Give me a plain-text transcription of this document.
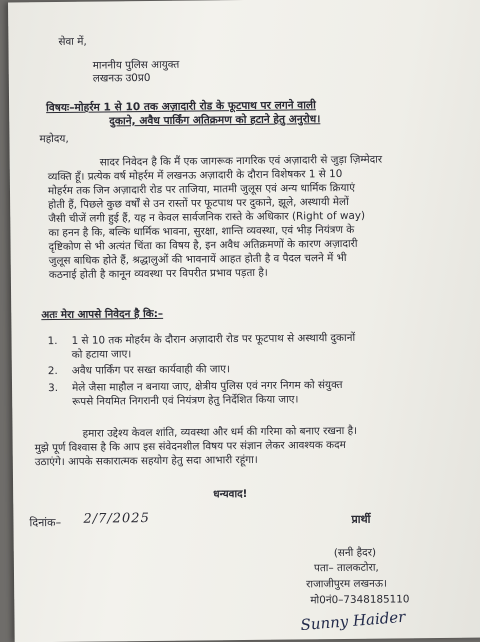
सेवा में,
माननीय पुलिस आयुक्त
लखनऊ उ0प्र0
विषयः–मोहर्रम 1 से 10 तक अज़ादारी रोड के फूटपाथ पर लगने वाली
दुकाने, अवैध पार्किंग अतिक्रमण को हटाने हेतु अनुरोध।
महोदय,
सादर निवेदन है कि मैं एक जागरूक नागरिक एवं अज़ादारी से जुड़ा ज़िम्मेदार
व्यक्ति हूँ। प्रत्येक वर्ष मोहर्रम में लखनऊ अज़ादारी के दौरान विशेषकर 1 से 10
मोहर्रम तक जिन अज़ादारी रोड पर ताजिया, मातमी जुलूस एवं अन्य धार्मिक क्रियाएं
होती हैं, पिछले कुछ वर्षों से उन रास्तों पर फूटपाथ पर दुकाने, झूले, अस्थायी मेलों
जैसी चीजें लगी हुई हैं, यह न केवल सार्वजनिक रास्ते के अधिकार (Right of way)
का हनन है कि, बल्कि धार्मिक भावना, सुरक्षा, शान्ति व्यवस्था, एवं भीड़ नियंत्रण के
दृष्टिकोण से भी अत्यंत चिंता का विषय है, इन अवैध अतिक्रमणों के कारण अज़ादारी
जुलूस बाधिक होते हैं, श्रद्धालुओं की भावनायें आहत होती है व पैदल चलने में भी
कठनाई होती है कानून व्यवस्था पर विपरीत प्रभाव पड़ता है।
अतः मेरा आपसे निवेदन है कि:–
1. 1 से 10 तक मोहर्रम के दौरान अज़ादारी रोड पर फूटपाथ से अस्थायी दुकानों
को हटाया जाए।
2. अवैध पार्किंग पर सख्त कार्यवाही की जाए।
3. मेले जैसा माहौल न बनाया जाए, क्षेत्रीय पुलिस एवं नगर निगम को संयुक्त
रूपसे नियमित निगरानी एवं नियंत्रण हेतु निर्देशित किया जाए।
हमारा उद्देश्य केवल शांति, व्यवस्था और धर्म की गरिमा को बनाए रखना है।
मुझे पूर्ण विश्वास है कि आप इस संवेदनशील विषय पर संज्ञान लेकर आवश्यक कदम
उठाएंगे। आपके सकारात्मक सहयोग हेतु सदा आभारी रहूंगा।
धन्यवाद!
दिनांक– 2/7/2025	प्रार्थी
(सनी हैदर)
पता– तालकटोरा,
राजाजीपुरम लखनऊ।
मो0नं0–7348185110
Sunny Haider
